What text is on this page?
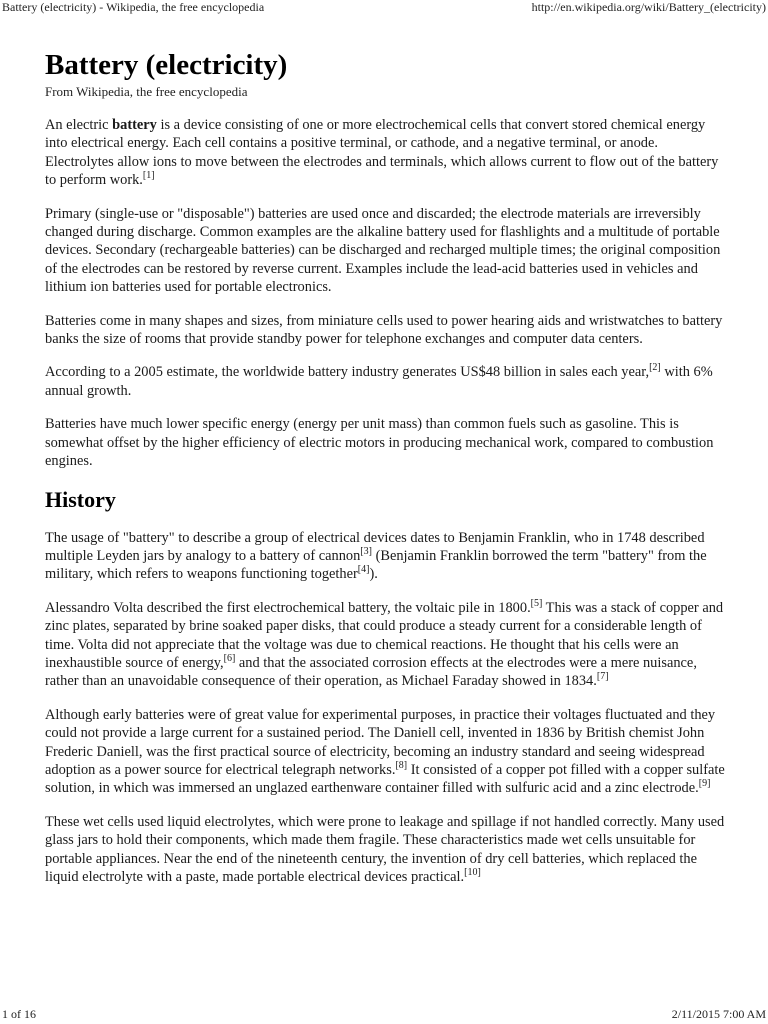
Battery (electricity) - Wikipedia, the free encyclopedia	http://en.wikipedia.org/wiki/Battery_(electricity)
Battery (electricity)
From Wikipedia, the free encyclopedia

An electric battery is a device consisting of one or more electrochemical cells that convert stored chemical energy into electrical energy. Each cell contains a positive terminal, or cathode, and a negative terminal, or anode. Electrolytes allow ions to move between the electrodes and terminals, which allows current to flow out of the battery to perform work.[1]

Primary (single-use or "disposable") batteries are used once and discarded; the electrode materials are irreversibly changed during discharge. Common examples are the alkaline battery used for flashlights and a multitude of portable devices. Secondary (rechargeable batteries) can be discharged and recharged multiple times; the original composition of the electrodes can be restored by reverse current. Examples include the lead-acid batteries used in vehicles and lithium ion batteries used for portable electronics.

Batteries come in many shapes and sizes, from miniature cells used to power hearing aids and wristwatches to battery banks the size of rooms that provide standby power for telephone exchanges and computer data centers.

According to a 2005 estimate, the worldwide battery industry generates US$48 billion in sales each year,[2] with 6% annual growth.

Batteries have much lower specific energy (energy per unit mass) than common fuels such as gasoline. This is somewhat offset by the higher efficiency of electric motors in producing mechanical work, compared to combustion engines.

History

The usage of "battery" to describe a group of electrical devices dates to Benjamin Franklin, who in 1748 described multiple Leyden jars by analogy to a battery of cannon[3] (Benjamin Franklin borrowed the term "battery" from the military, which refers to weapons functioning together[4]).

Alessandro Volta described the first electrochemical battery, the voltaic pile in 1800.[5] This was a stack of copper and zinc plates, separated by brine soaked paper disks, that could produce a steady current for a considerable length of time. Volta did not appreciate that the voltage was due to chemical reactions. He thought that his cells were an inexhaustible source of energy,[6] and that the associated corrosion effects at the electrodes were a mere nuisance, rather than an unavoidable consequence of their operation, as Michael Faraday showed in 1834.[7]

Although early batteries were of great value for experimental purposes, in practice their voltages fluctuated and they could not provide a large current for a sustained period. The Daniell cell, invented in 1836 by British chemist John Frederic Daniell, was the first practical source of electricity, becoming an industry standard and seeing widespread adoption as a power source for electrical telegraph networks.[8] It consisted of a copper pot filled with a copper sulfate solution, in which was immersed an unglazed earthenware container filled with sulfuric acid and a zinc electrode.[9]

These wet cells used liquid electrolytes, which were prone to leakage and spillage if not handled correctly. Many used glass jars to hold their components, which made them fragile. These characteristics made wet cells unsuitable for portable appliances. Near the end of the nineteenth century, the invention of dry cell batteries, which replaced the liquid electrolyte with a paste, made portable electrical devices practical.[10]

1 of 16	2/11/2015 7:00 AM
